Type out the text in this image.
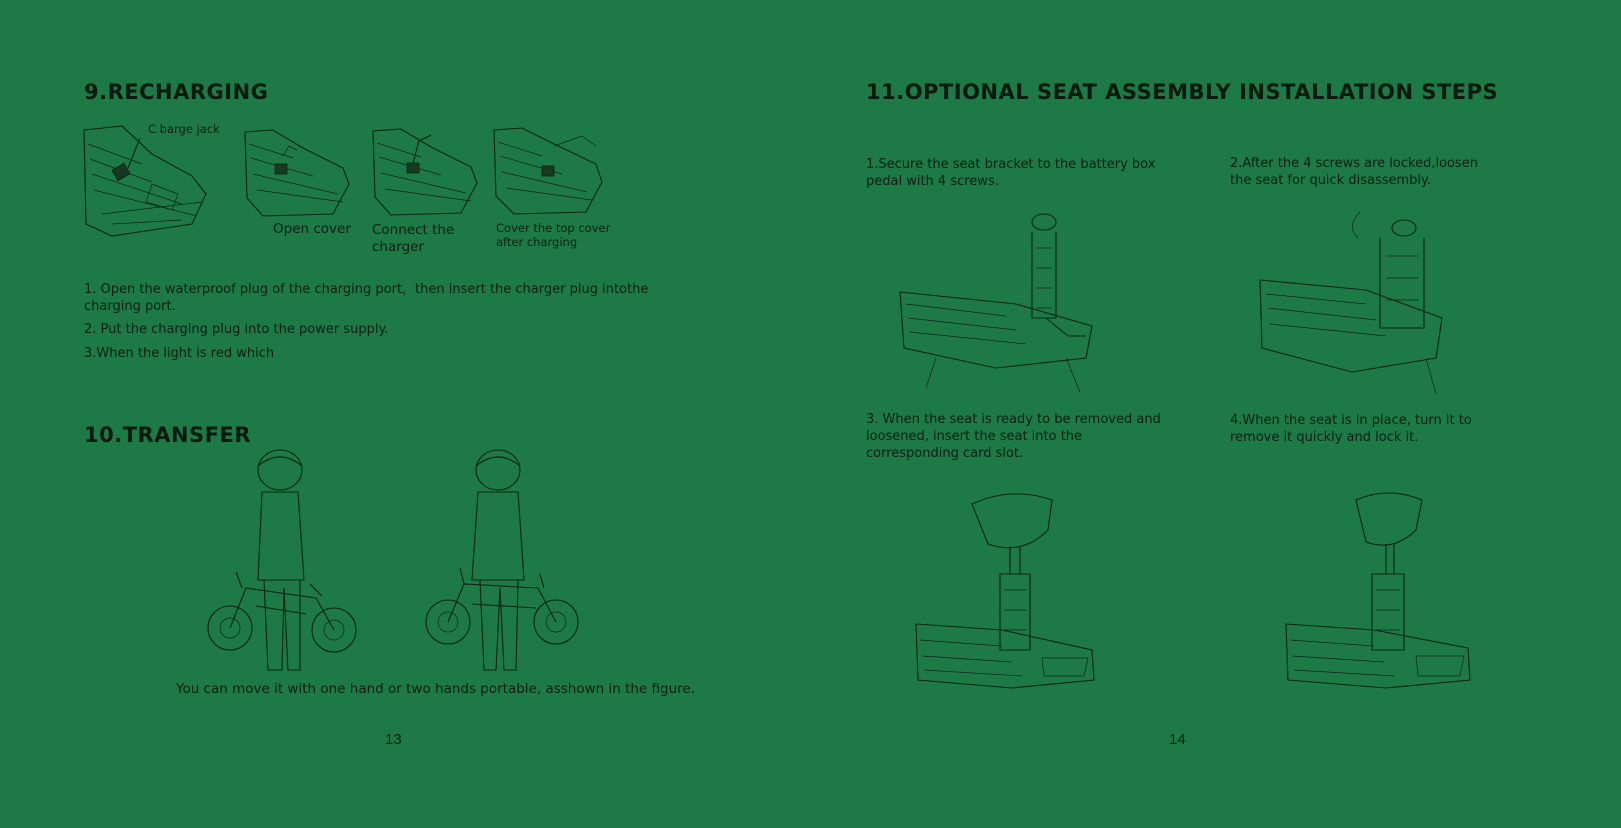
9.RECHARGING
C barge jack
Open cover Connect the charger
Cover the top cover after charging
1. Open the waterproof plug of the charging port，then insert the charger plug intothe charging port.
2. Put the charging plug into the power supply.
3.When the light is red which
10.TRANSFER
You can move it with one hand or two hands portable, asshown in the figure.
13
11.OPTIONAL SEAT ASSEMBLY INSTALLATION STEPS
1.Secure the seat bracket to the battery box pedal with 4 screws.
2.After the 4 screws are locked,loosen the seat for quick disassembly.
3. When the seat is ready to be removed and loosened, insert the seat into the corresponding card slot.
4.When the seat is in place, turn it to remove it quickly and lock it.
14
